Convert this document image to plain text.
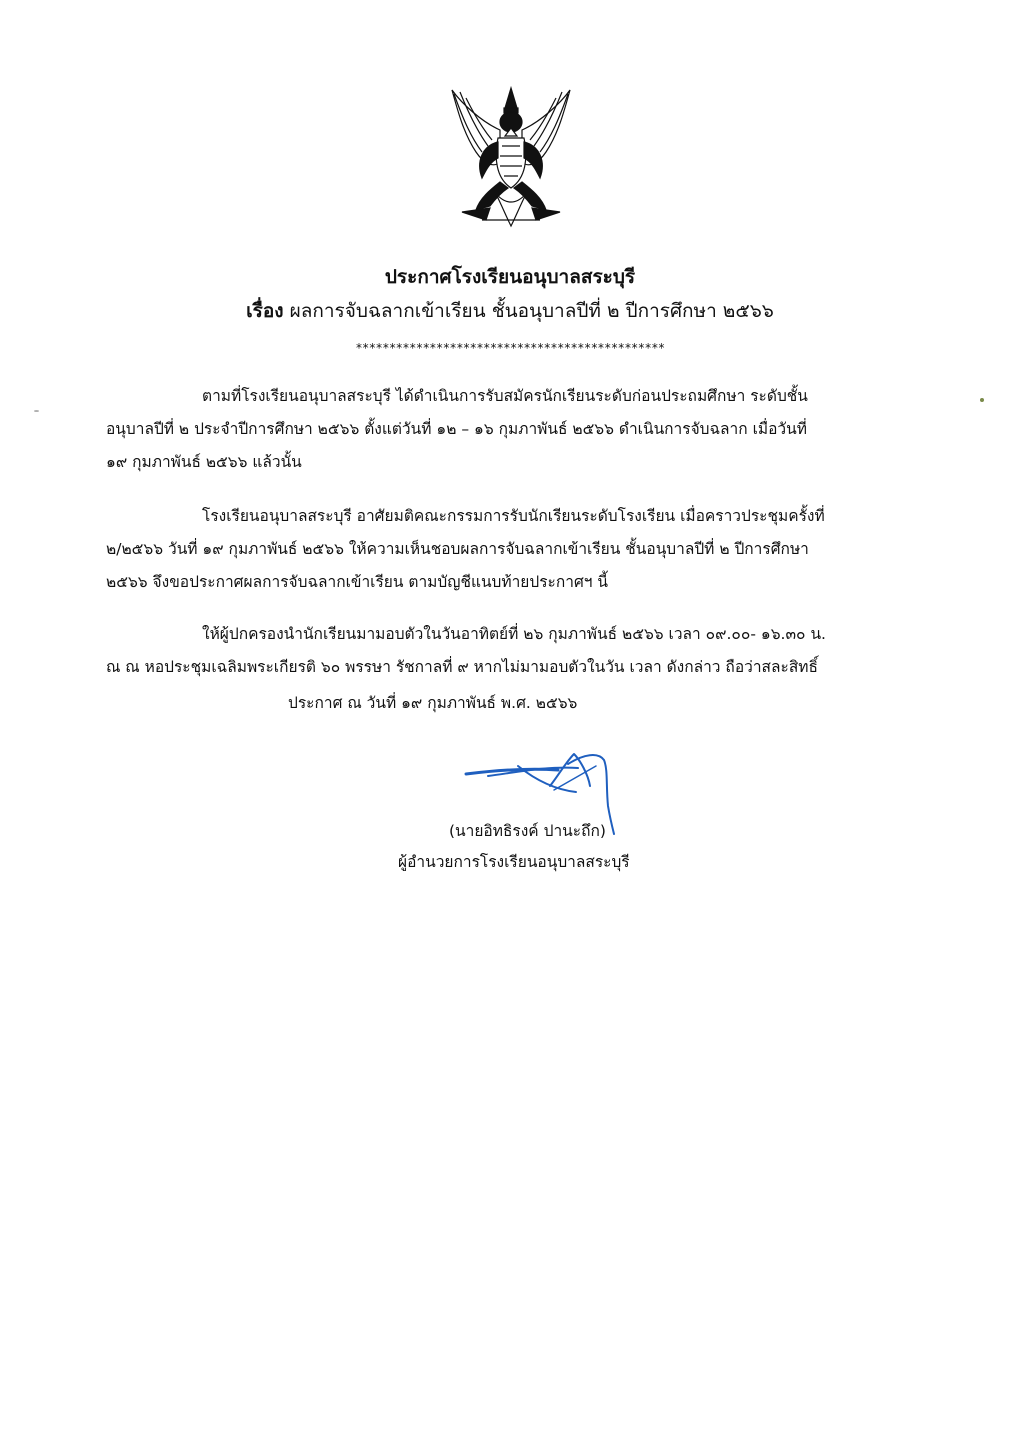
ประกาศโรงเรียนอนุบาลสระบุรี
เรื่อง ผลการจับฉลากเข้าเรียน ชั้นอนุบาลปีที่ ๒ ปีการศึกษา ๒๕๖๖
**********************************************
ตามที่โรงเรียนอนุบาลสระบุรี ได้ดำเนินการรับสมัครนักเรียนระดับก่อนประถมศึกษา ระดับชั้น
อนุบาลปีที่ ๒ ประจำปีการศึกษา ๒๕๖๖ ตั้งแต่วันที่ ๑๒ – ๑๖ กุมภาพันธ์ ๒๕๖๖ ดำเนินการจับฉลาก เมื่อวันที่
๑๙ กุมภาพันธ์ ๒๕๖๖ แล้วนั้น
โรงเรียนอนุบาลสระบุรี อาศัยมติคณะกรรมการรับนักเรียนระดับโรงเรียน เมื่อคราวประชุมครั้งที่
๒/๒๕๖๖ วันที่ ๑๙ กุมภาพันธ์ ๒๕๖๖ ให้ความเห็นชอบผลการจับฉลากเข้าเรียน ชั้นอนุบาลปีที่ ๒ ปีการศึกษา
๒๕๖๖ จึงขอประกาศผลการจับฉลากเข้าเรียน ตามบัญชีแนบท้ายประกาศฯ นี้
ให้ผู้ปกครองนำนักเรียนมามอบตัวในวันอาทิตย์ที่ ๒๖ กุมภาพันธ์ ๒๕๖๖ เวลา ๐๙.๐๐- ๑๖.๓๐ น.
ณ ณ หอประชุมเฉลิมพระเกียรติ ๖๐ พรรษา รัชกาลที่ ๙ หากไม่มามอบตัวในวัน เวลา ดังกล่าว ถือว่าสละสิทธิ์
ประกาศ ณ วันที่ ๑๙ กุมภาพันธ์ พ.ศ. ๒๕๖๖
(นายอิทธิรงค์ ปานะถึก)
ผู้อำนวยการโรงเรียนอนุบาลสระบุรี
